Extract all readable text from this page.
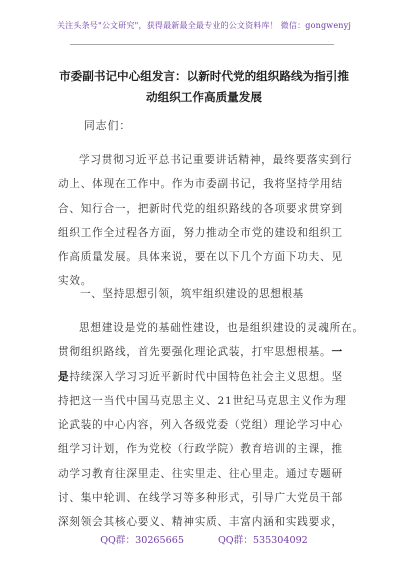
关注头条号"公文研究"，获得最新最全最专业的公文资料库！ 微信：gongwenyj
市委副书记中心组发言：以新时代党的组织路线为指引推
动组织工作高质量发展
同志们：
学习贯彻习近平总书记重要讲话精神，最终要落实到行
动上、体现在工作中。作为市委副书记，我将坚持学用结
合、知行合一，把新时代党的组织路线的各项要求贯穿到
组织工作全过程各方面，努力推动全市党的建设和组织工
作高质量发展。具体来说，要在以下几个方面下功夫、见
实效。
一、坚持思想引领，筑牢组织建设的思想根基
思想建设是党的基础性建设，也是组织建设的灵魂所在。
贯彻组织路线，首先要强化理论武装，打牢思想根基。一
是持续深入学习习近平新时代中国特色社会主义思想。坚
持把这一当代中国马克思主义、21世纪马克思主义作为理
论武装的中心内容，列入各级党委（党组）理论学习中心
组学习计划，作为党校（行政学院）教育培训的主课，推
动学习教育往深里走、往实里走、往心里走。通过专题研
讨、集中轮训、在线学习等多种形式，引导广大党员干部
深刻领会其核心要义、精神实质、丰富内涵和实践要求，
QQ群：30265665	QQ群：535304092
